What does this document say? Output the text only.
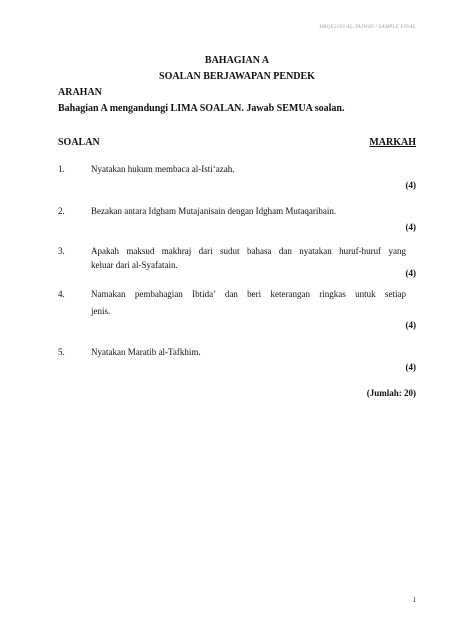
HBQE2103 AL-TAJWID / SAMPLE FINAL
BAHAGIAN A
SOALAN BERJAWAPAN PENDEK
ARAHAN
Bahagian A mengandungi LIMA SOALAN. Jawab SEMUA soalan.
SOALAN	MARKAH
1.	Nyatakan hukum membaca al-Isti‘azah.
(4)
2.	Bezakan antara Idgham Mutajanisain dengan Idgham Mutaqaribain.
(4)
3.	Apakah maksud makhraj dari sudut bahasa dan nyatakan huruf-huruf yang
keluar dari al-Syafatain.
(4)
4.	Namakan pembahagian Ibtida’ dan beri keterangan ringkas untuk setiap
jenis.
(4)
5.	Nyatakan Maratib al-Tafkhim.
(4)
(Jumlah: 20)
1
